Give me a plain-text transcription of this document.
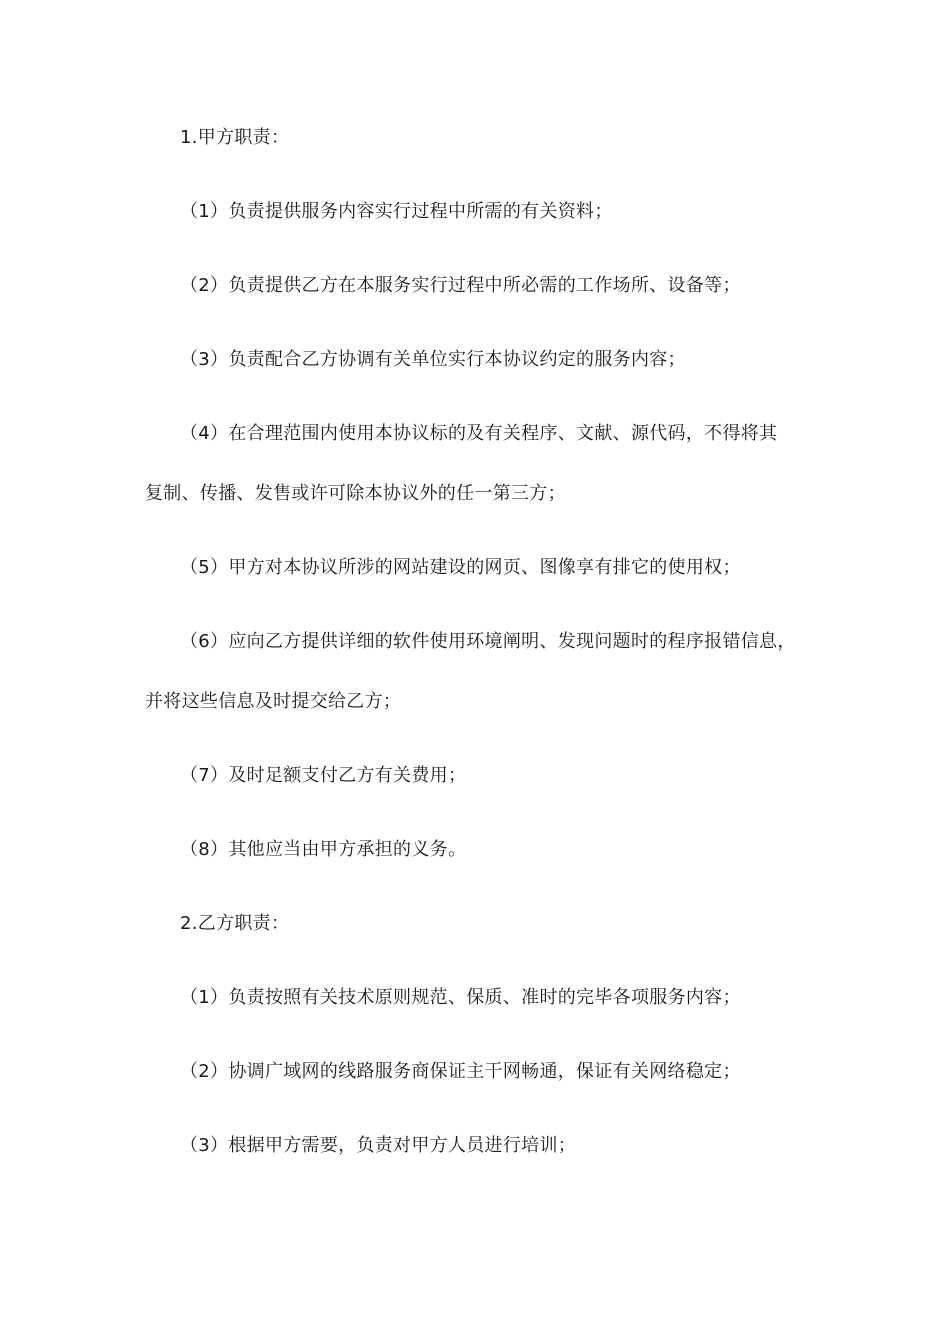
1.甲方职责：
（1）负责提供服务内容实行过程中所需的有关资料；
（2）负责提供乙方在本服务实行过程中所必需的工作场所、设备等；
（3）负责配合乙方协调有关单位实行本协议约定的服务内容；
（4）在合理范围内使用本协议标的及有关程序、文献、源代码，不得将其
复制、传播、发售或许可除本协议外的任一第三方；
（5）甲方对本协议所涉的网站建设的网页、图像享有排它的使用权；
（6）应向乙方提供详细的软件使用环境阐明、发现问题时的程序报错信息，
并将这些信息及时提交给乙方；
（7）及时足额支付乙方有关费用；
（8）其他应当由甲方承担的义务。
2.乙方职责：
（1）负责按照有关技术原则规范、保质、准时的完毕各项服务内容；
（2）协调广域网的线路服务商保证主干网畅通，保证有关网络稳定；
（3）根据甲方需要，负责对甲方人员进行培训；
